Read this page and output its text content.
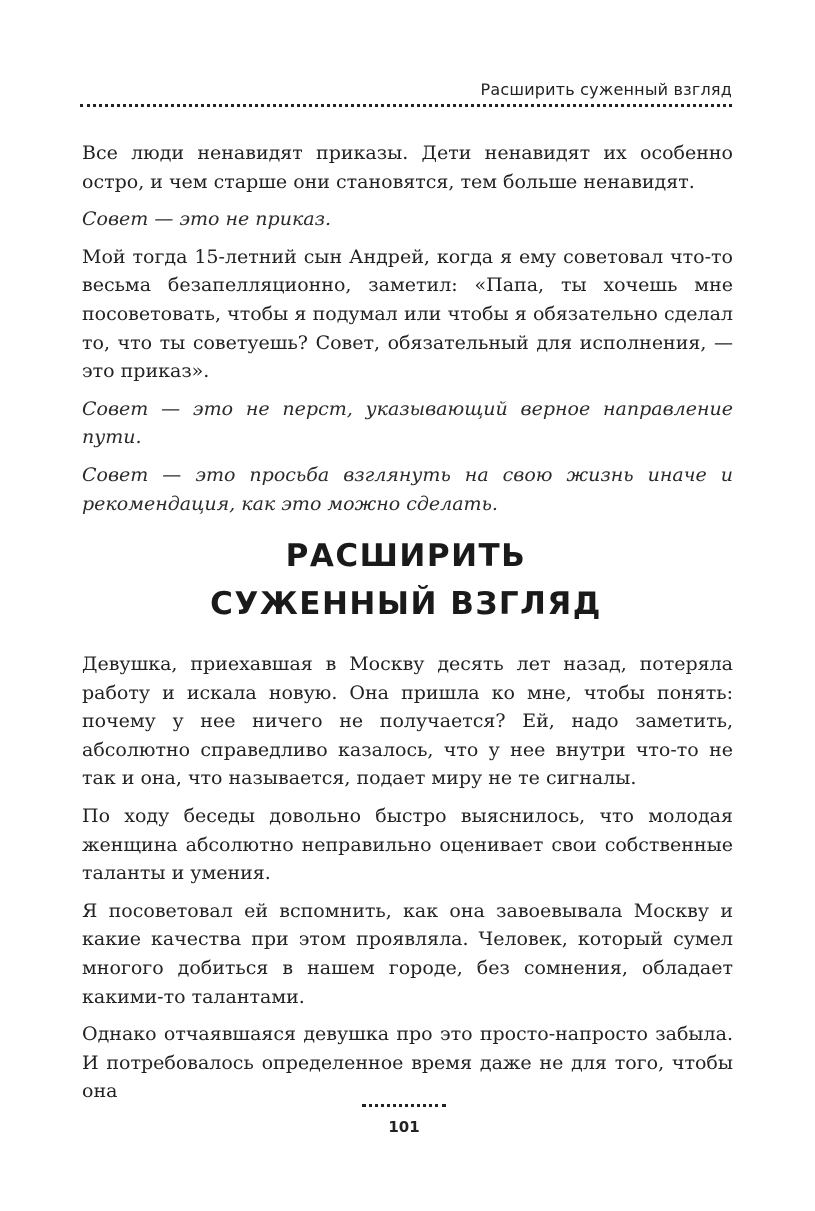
Расширить суженный взгляд

Все люди ненавидят приказы. Дети ненавидят их особенно остро, и чем старше они становятся, тем больше ненавидят.

Совет — это не приказ.

Мой тогда 15-летний сын Андрей, когда я ему советовал что-то весьма безапелляционно, заметил: «Папа, ты хочешь мне посоветовать, чтобы я подумал или чтобы я обязательно сделал то, что ты советуешь? Совет, обязательный для исполнения, — это приказ».

Совет — это не перст, указывающий верное направление пути.

Совет — это просьба взглянуть на свою жизнь иначе и рекомендация, как это можно сделать.

РАСШИРИТЬ
СУЖЕННЫЙ ВЗГЛЯД

Девушка, приехавшая в Москву десять лет назад, потеряла работу и искала новую. Она пришла ко мне, чтобы понять: почему у нее ничего не получается? Ей, надо заметить, абсолютно справедливо казалось, что у нее внутри что-то не так и она, что называется, подает миру не те сигналы.

По ходу беседы довольно быстро выяснилось, что молодая женщина абсолютно неправильно оценивает свои собственные таланты и умения.

Я посоветовал ей вспомнить, как она завоевывала Москву и какие качества при этом проявляла. Человек, который сумел многого добиться в нашем городе, без сомнения, обладает какими-то талантами.

Однако отчаявшаяся девушка про это просто-напросто забыла. И потребовалось определенное время даже не для того, чтобы она

101
